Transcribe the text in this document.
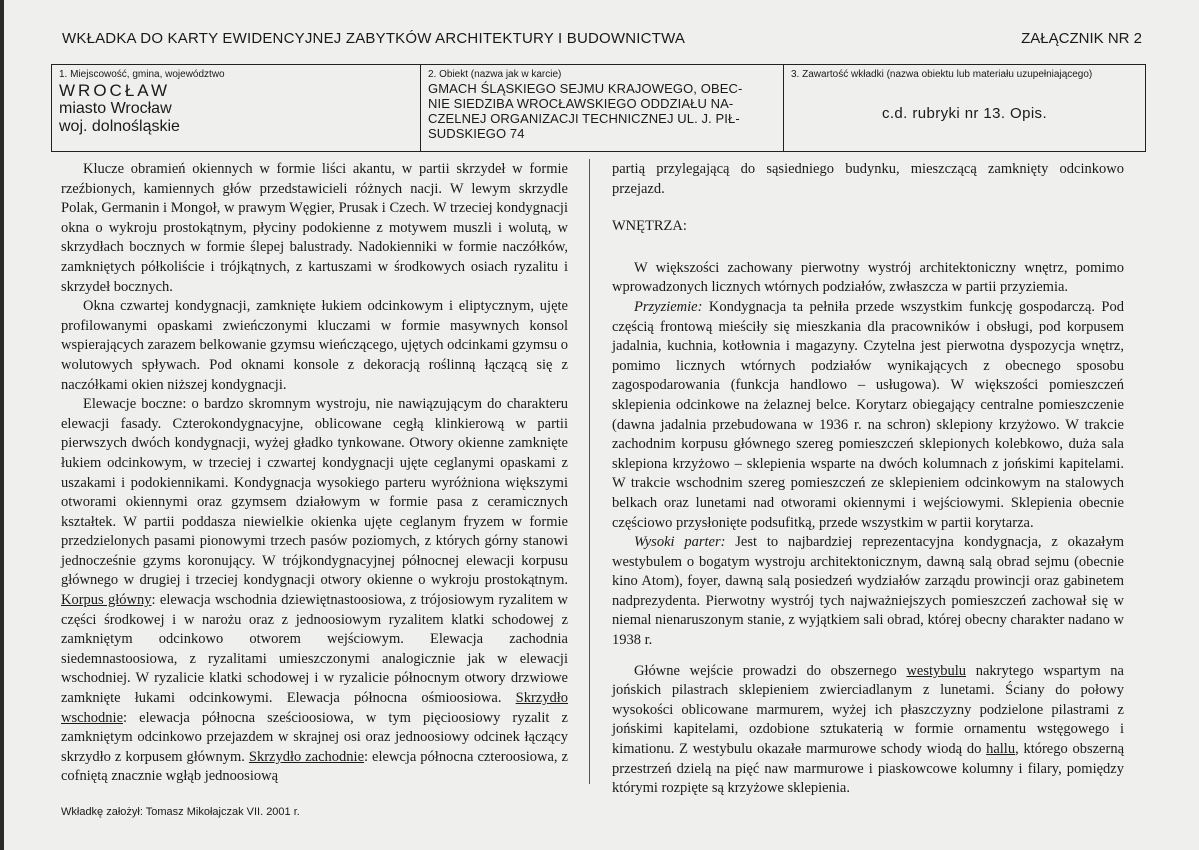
WKŁADKA DO KARTY EWIDENCYJNEJ ZABYTKÓW ARCHITEKTURY I BUDOWNICTWA	ZAŁĄCZNIK NR 2
1. Miejscowość, gmina, województwo
WROCŁAW
miasto Wrocław
woj. dolnośląskie
2. Obiekt (nazwa jak w karcie)
GMACH ŚLĄSKIEGO SEJMU KRAJOWEGO, OBEC-
NIE SIEDZIBA WROCŁAWSKIEGO ODDZIAŁU NA-
CZELNEJ ORGANIZACJI TECHNICZNEJ UL. J. PIŁ-
SUDSKIEGO 74
3. Zawartość wkładki (nazwa obiektu lub materiału uzupełniającego)
c.d. rubryki nr 13. Opis.

Klucze obramień okiennych w formie liści akantu, w partii skrzydeł w formie rzeźbionych, kamiennych głów przedstawicieli różnych nacji. W lewym skrzydle Polak, Germanin i Mongoł, w prawym Węgier, Prusak i Czech. W trzeciej kondygnacji okna o wykroju prostokątnym, płyciny podokienne z motywem muszli i wolutą, w skrzydłach bocznych w formie ślepej balustrady. Nadokienniki w formie naczółków, zamkniętych półkoliście i trójkątnych, z kartuszami w środkowych osiach ryzalitu i skrzydeł bocznych.

Okna czwartej kondygnacji, zamknięte łukiem odcinkowym i eliptycznym, ujęte profilowanymi opaskami zwieńczonymi kluczami w formie masywnych konsol wspierających zarazem belkowanie gzymsu wieńczącego, ujętych odcinkami gzymsu o wolutowych spływach. Pod oknami konsole z dekoracją roślinną łączącą się z naczółkami okien niższej kondygnacji.

Elewacje boczne: o bardzo skromnym wystroju, nie nawiązującym do charakteru elewacji fasady. Czterokondygnacyjne, oblicowane cegłą klinkierową w partii pierwszych dwóch kondygnacji, wyżej gładko tynkowane. Otwory okienne zamknięte łukiem odcinkowym, w trzeciej i czwartej kondygnacji ujęte ceglanymi opaskami z uszakami i podokiennikami. Kondygnacja wysokiego parteru wyróżniona większymi otworami okiennymi oraz gzymsem działowym w formie pasa z ceramicznych kształtek. W partii poddasza niewielkie okienka ujęte ceglanym fryzem w formie przedzielonych pasami pionowymi trzech pasów poziomych, z których górny stanowi jednocześnie gzyms koronujący. W trójkondygnacyjnej północnej elewacji korpusu głównego w drugiej i trzeciej kondygnacji otwory okienne o wykroju prostokątnym. Korpus główny: elewacja wschodnia dziewiętnastoosiowa, z trójosiowym ryzalitem w części środkowej i w narożu oraz z jednoosiowym ryzalitem klatki schodowej z zamkniętym odcinkowo otworem wejściowym. Elewacja zachodnia siedemnastoosiowa, z ryzalitami umieszczonymi analogicznie jak w elewacji wschodniej. W ryzalicie klatki schodowej i w ryzalicie północnym otwory drzwiowe zamknięte łukami odcinkowymi. Elewacja północna ośmioosiowa. Skrzydło wschodnie: elewacja północna sześcioosiowa, w tym pięcioosiowy ryzalit z zamkniętym odcinkowo przejazdem w skrajnej osi oraz jednoosiowy odcinek łączący skrzydło z korpusem głównym. Skrzydło zachodnie: elewcja północna czteroosiowa, z cofniętą znacznie wgłąb jednoosiową

partią przylegającą do sąsiedniego budynku, mieszczącą zamknięty odcinkowo przejazd.

WNĘTRZA:

W większości zachowany pierwotny wystrój architektoniczny wnętrz, pomimo wprowadzonych licznych wtórnych podziałów, zwłaszcza w partii przyziemia.

Przyziemie: Kondygnacja ta pełniła przede wszystkim funkcję gospodarczą. Pod częścią frontową mieściły się mieszkania dla pracowników i obsługi, pod korpusem jadalnia, kuchnia, kotłownia i magazyny. Czytelna jest pierwotna dyspozycja wnętrz, pomimo licznych wtórnych podziałów wynikających z obecnego sposobu zagospodarowania (funkcja handlowo – usługowa). W większości pomieszczeń sklepienia odcinkowe na żelaznej belce. Korytarz obiegający centralne pomieszczenie (dawna jadalnia przebudowana w 1936 r. na schron) sklepiony krzyżowo. W trakcie zachodnim korpusu głównego szereg pomieszczeń sklepionych kolebkowo, duża sala sklepiona krzyżowo – sklepienia wsparte na dwóch kolumnach z jońskimi kapitelami. W trakcie wschodnim szereg pomieszczeń ze sklepieniem odcinkowym na stalowych belkach oraz lunetami nad otworami okiennymi i wejściowymi. Sklepienia obecnie częściowo przysłonięte podsufitką, przede wszystkim w partii korytarza.

Wysoki parter: Jest to najbardziej reprezentacyjna kondygnacja, z okazałym westybulem o bogatym wystroju architektonicznym, dawną salą obrad sejmu (obecnie kino Atom), foyer, dawną salą posiedzeń wydziałów zarządu prowincji oraz gabinetem nadprezydenta. Pierwotny wystrój tych najważniejszych pomieszczeń zachował się w niemal nienaruszonym stanie, z wyjątkiem sali obrad, której obecny charakter nadano w 1938 r.

Główne wejście prowadzi do obszernego westybulu nakrytego wspartym na jońskich pilastrach sklepieniem zwierciadlanym z lunetami. Ściany do połowy wysokości oblicowane marmurem, wyżej ich płaszczyzny podzielone pilastrami z jońskimi kapitelami, ozdobione sztukaterią w formie ornamentu wstęgowego i kimationu. Z westybulu okazałe marmurowe schody wiodą do hallu, którego obszerną przestrzeń dzielą na pięć naw marmurowe i piaskowcowe kolumny i filary, pomiędzy którymi rozpięte są krzyżowe sklepienia.

Wkładkę założył: Tomasz Mikołajczak VII. 2001 r.
